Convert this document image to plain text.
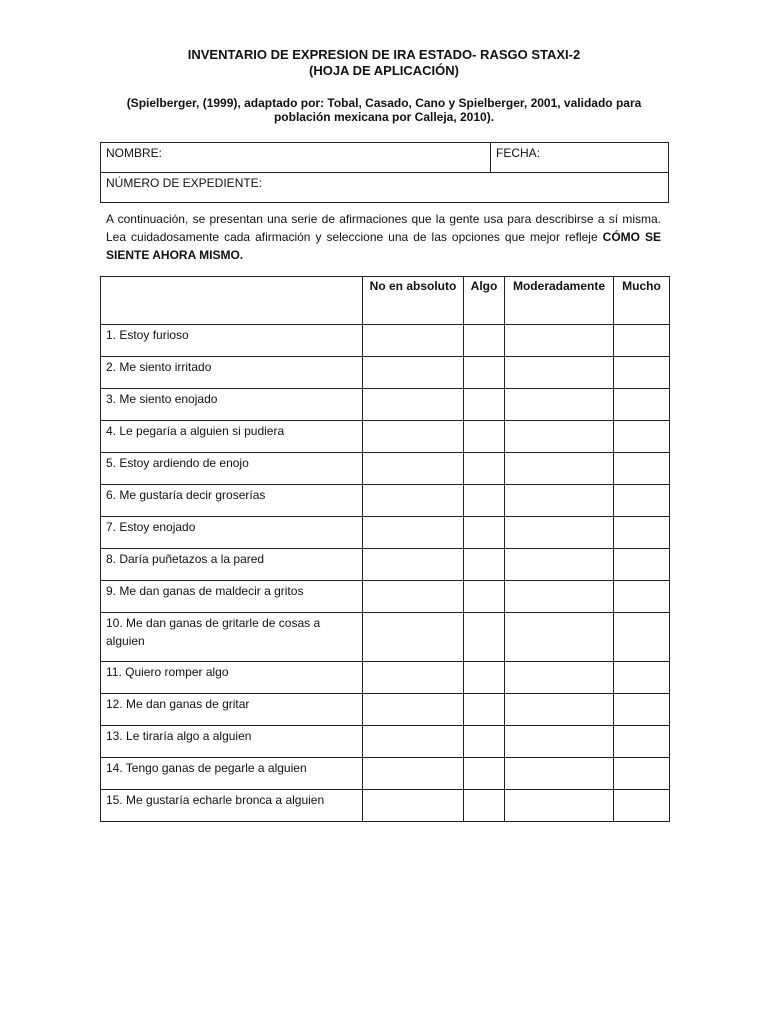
INVENTARIO DE EXPRESION DE IRA ESTADO- RASGO STAXI-2
(HOJA DE APLICACIÓN)
(Spielberger, (1999), adaptado por: Tobal, Casado, Cano y Spielberger, 2001, validado para población mexicana por Calleja, 2010).
NOMBRE:	FECHA:
NÚMERO DE EXPEDIENTE:
A continuación, se presentan una serie de afirmaciones que la gente usa para describirse a sí misma. Lea cuidadosamente cada afirmación y seleccione una de las opciones que mejor refleje CÓMO SE SIENTE AHORA MISMO.
	No en absoluto	Algo	Moderadamente	Mucho
1. Estoy furioso				
2. Me siento irritado				
3. Me siento enojado				
4. Le pegaría a alguien si pudiera				
5. Estoy ardiendo de enojo				
6. Me gustaría decir groserías				
7. Estoy enojado				
8. Daría puñetazos a la pared				
9. Me dan ganas de maldecir a gritos				
10. Me dan ganas de gritarle de cosas a alguien				
11. Quiero romper algo				
12. Me dan ganas de gritar				
13. Le tiraría algo a alguien				
14. Tengo ganas de pegarle a alguien				
15. Me gustaría echarle bronca a alguien				
